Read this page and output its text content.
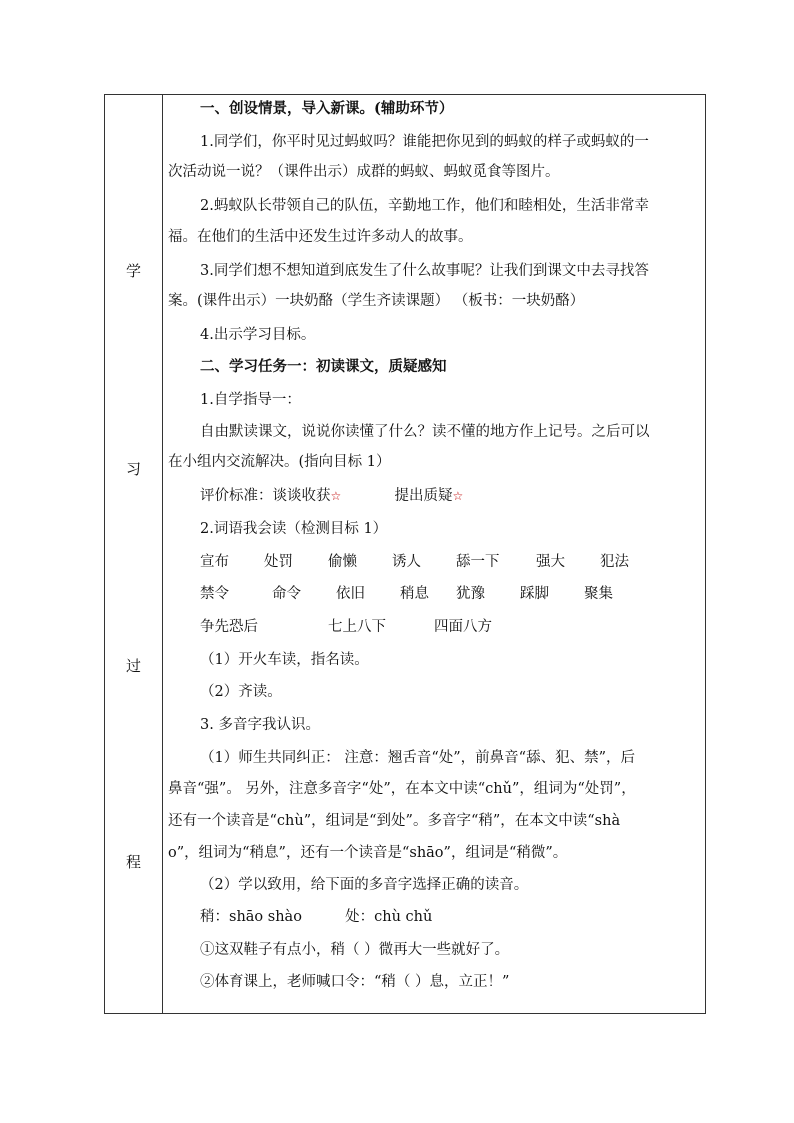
学
习
过
程
一、创设情景，导入新课。(辅助环节）
1.同学们，你平时见过蚂蚁吗？谁能把你见到的蚂蚁的样子或蚂蚁的一
次活动说一说？（课件出示）成群的蚂蚁、蚂蚁觅食等图片。
2.蚂蚁队长带领自己的队伍，辛勤地工作，他们和睦相处，生活非常幸
福。在他们的生活中还发生过许多动人的故事。
3.同学们想不想知道到底发生了什么故事呢？让我们到课文中去寻找答
案。(课件出示）一块奶酪（学生齐读课题） （板书：一块奶酪）
4.出示学习目标。
二、学习任务一：初读课文，质疑感知
1.自学指导一：
自由默读课文，说说你读懂了什么？读不懂的地方作上记号。之后可以
在小组内交流解决。(指向目标 1）
评价标准：谈谈收获☆	提出质疑☆
2.词语我会读（检测目标 1）
宣布 处罚 偷懒 诱人 舔一下	强大 犯法
禁令	命令 依旧 稍息 犹豫 踩脚 聚集
争先恐后	七上八下	四面八方
（1）开火车读，指名读。
（2）齐读。
3. 多音字我认识。
（1）师生共同纠正： 注意：翘舌音“处”，前鼻音“舔、犯、禁”，后
鼻音“强”。 另外，注意多音字“处”，在本文中读“chǔ”，组词为“处罚”，
还有一个读音是“chù”，组词是“到处”。多音字“稍”，在本文中读“shà
o”，组词为“稍息”，还有一个读音是“shāo”，组词是“稍微”。
（2）学以致用，给下面的多音字选择正确的读音。
稍：shāo shào	处：chù chǔ
①这双鞋子有点小，稍（ ）微再大一些就好了。
②体育课上，老师喊口令：“稍（ ）息，立正！”
